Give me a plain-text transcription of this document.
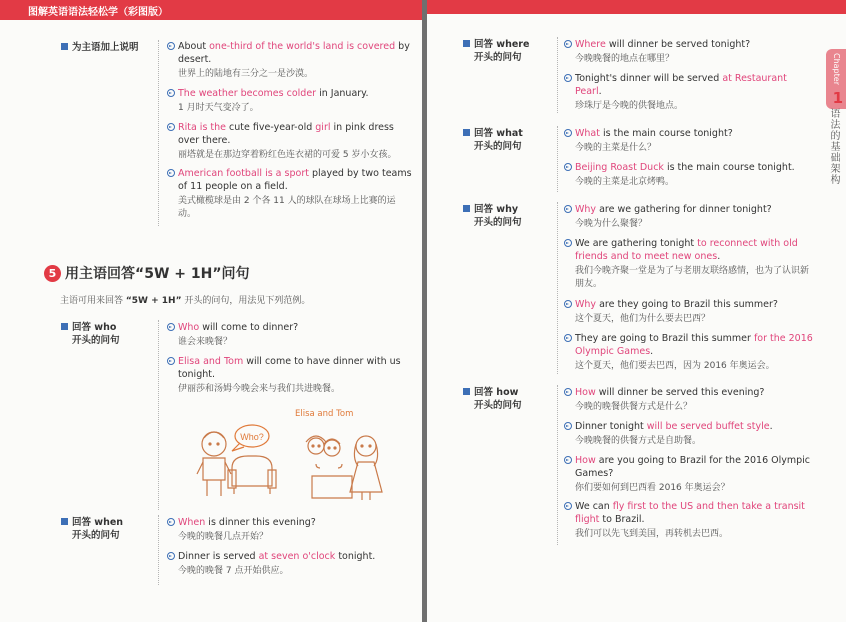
图解英语语法轻松学（彩图版）
为主语加上说明	About one-third of the world's land is covered by desert.
世界上的陆地有三分之一是沙漠。
The weather becomes colder in January.
1 月时天气变冷了。
Rita is the cute five-year-old girl in pink dress over there.
丽塔就是在那边穿着粉红色连衣裙的可爱 5 岁小女孩。
American football is a sport played by two teams of 11 people on a field.
美式橄榄球是由 2 个各 11 人的球队在球场上比赛的运动。
5 用主语回答“5W + 1H”问句
主语可用来回答 “5W + 1H” 开头的问句，用法见下列范例。
回答 who
开头的问句
Who will come to dinner?
谁会来晚餐？
Elisa and Tom will come to have dinner with us tonight.
伊丽莎和汤姆今晚会来与我们共进晚餐。
Elisa and Tom
Who?
回答 when
开头的问句
When is dinner this evening?
今晚的晚餐几点开始？
Dinner is served at seven o'clock tonight.
今晚的晚餐 7 点开始供应。
Chapter
1
语法的基础架构
回答 where
开头的问句
Where will dinner be served tonight?
今晚晚餐的地点在哪里？
Tonight's dinner will be served at Restaurant Pearl.
珍珠厅是今晚的供餐地点。
回答 what
开头的问句
What is the main course tonight?
今晚的主菜是什么？
Beijing Roast Duck is the main course tonight.
今晚的主菜是北京烤鸭。
回答 why
开头的问句
Why are we gathering for dinner tonight?
今晚为什么聚餐？
We are gathering tonight to reconnect with old friends and to meet new ones.
我们今晚齐聚一堂是为了与老朋友联络感情，也为了认识新朋友。
Why are they going to Brazil this summer?
这个夏天，他们为什么要去巴西？
They are going to Brazil this summer for the 2016 Olympic Games.
这个夏天，他们要去巴西，因为 2016 年奥运会。
回答 how
开头的问句
How will dinner be served this evening?
今晚的晚餐供餐方式是什么？
Dinner tonight will be served buffet style.
今晚晚餐的供餐方式是自助餐。
How are you going to Brazil for the 2016 Olympic Games?
你们要如何到巴西看 2016 年奥运会？
We can fly first to the US and then take a transit flight to Brazil.
我们可以先飞到美国，再转机去巴西。
